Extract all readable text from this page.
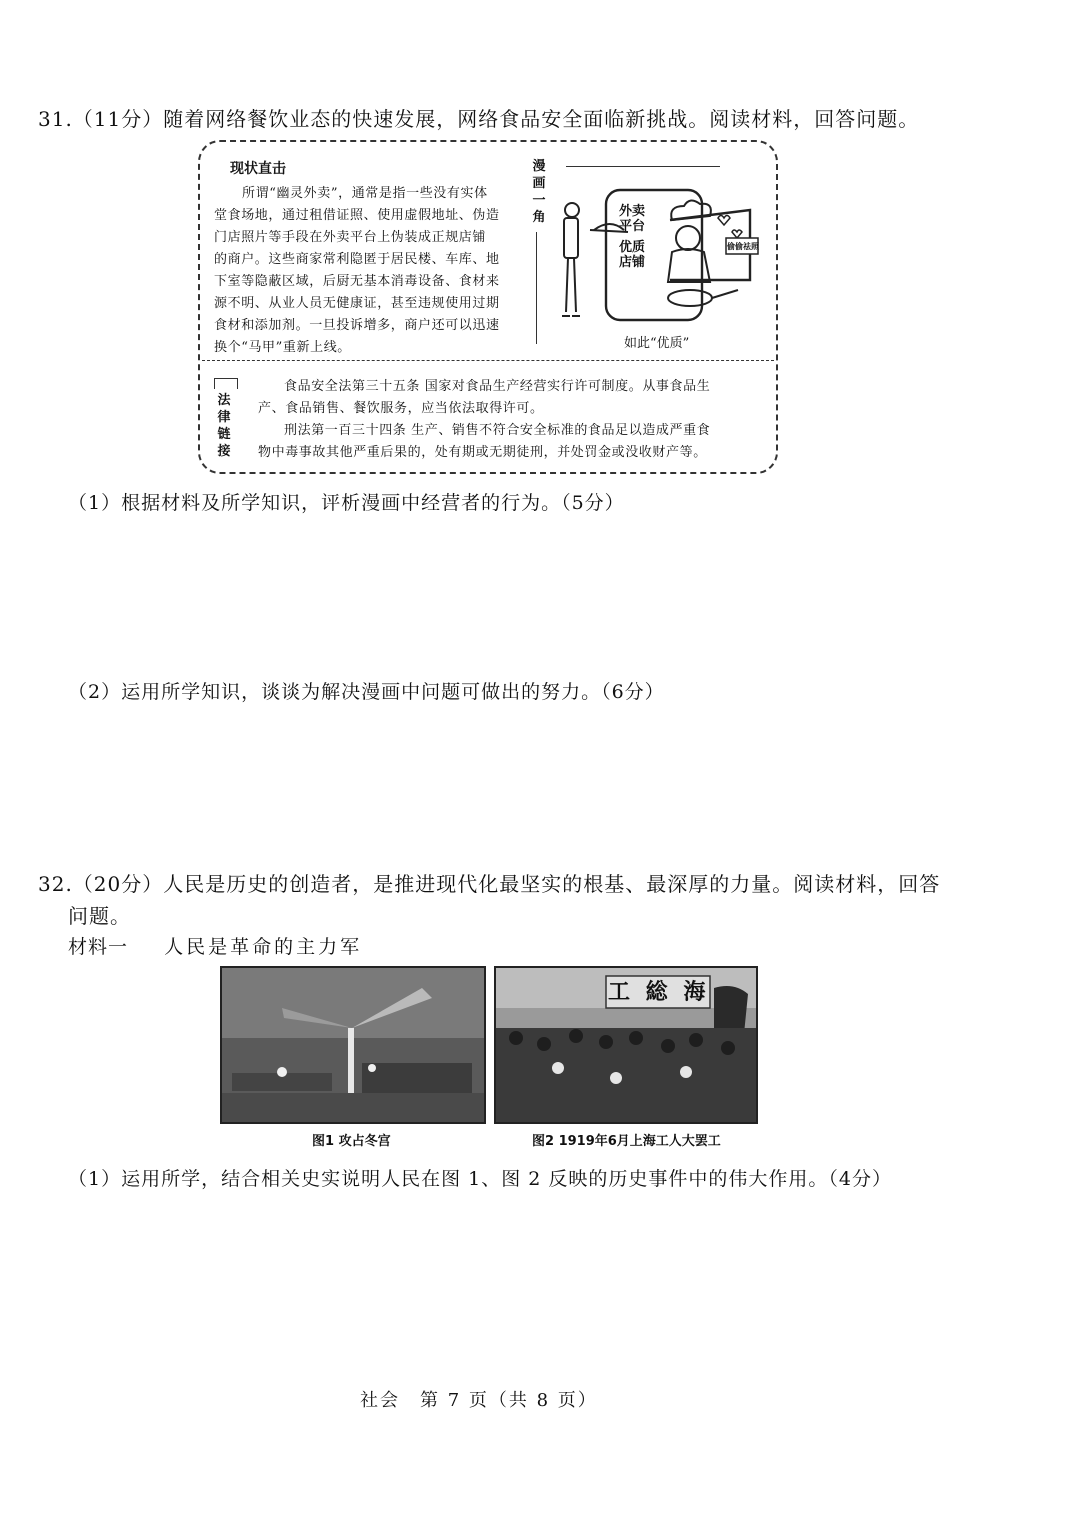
31.（11分）随着网络餐饮业态的快速发展，网络食品安全面临新挑战。阅读材料，回答问题。
现状直击
所谓“幽灵外卖”，通常是指一些没有实体
堂食场地，通过租借证照、使用虚假地址、伪造
门店照片等手段在外卖平台上伪装成正规店铺
的商户。这些商家常利隐匿于居民楼、车库、地
下室等隐蔽区域，后厨无基本消毒设备、食材来
源不明、从业人员无健康证，甚至违规使用过期
食材和添加剂。一旦投诉增多，商户还可以迅速
换个“马甲”重新上线。
漫
画
一
角	外卖 平台
优质 店铺
偷偷祛照
如此“优质”
法
律
链
接
食品安全法第三十五条 国家对食品生产经营实行许可制度。从事食品生
产、食品销售、餐饮服务，应当依法取得许可。
刑法第一百三十四条 生产、销售不符合安全标准的食品足以造成严重食
物中毒事故其他严重后果的，处有期或无期徒刑，并处罚金或没收财产等。
（1）根据材料及所学知识，评析漫画中经营者的行为。（5分）
（2）运用所学知识，谈谈为解决漫画中问题可做出的努力。（6分）
32.（20分）人民是历史的创造者，是推进现代化最坚实的根基、最深厚的力量。阅读材料，回答
问题。
材料一 人民是革命的主力军
图1 攻占冬宫
工 総 海
图2 1919年6月上海工人大罢工
（1）运用所学，结合相关史实说明人民在图 1、图 2 反映的历史事件中的伟大作用。（4分）
社会　第 7 页（共 8 页）
